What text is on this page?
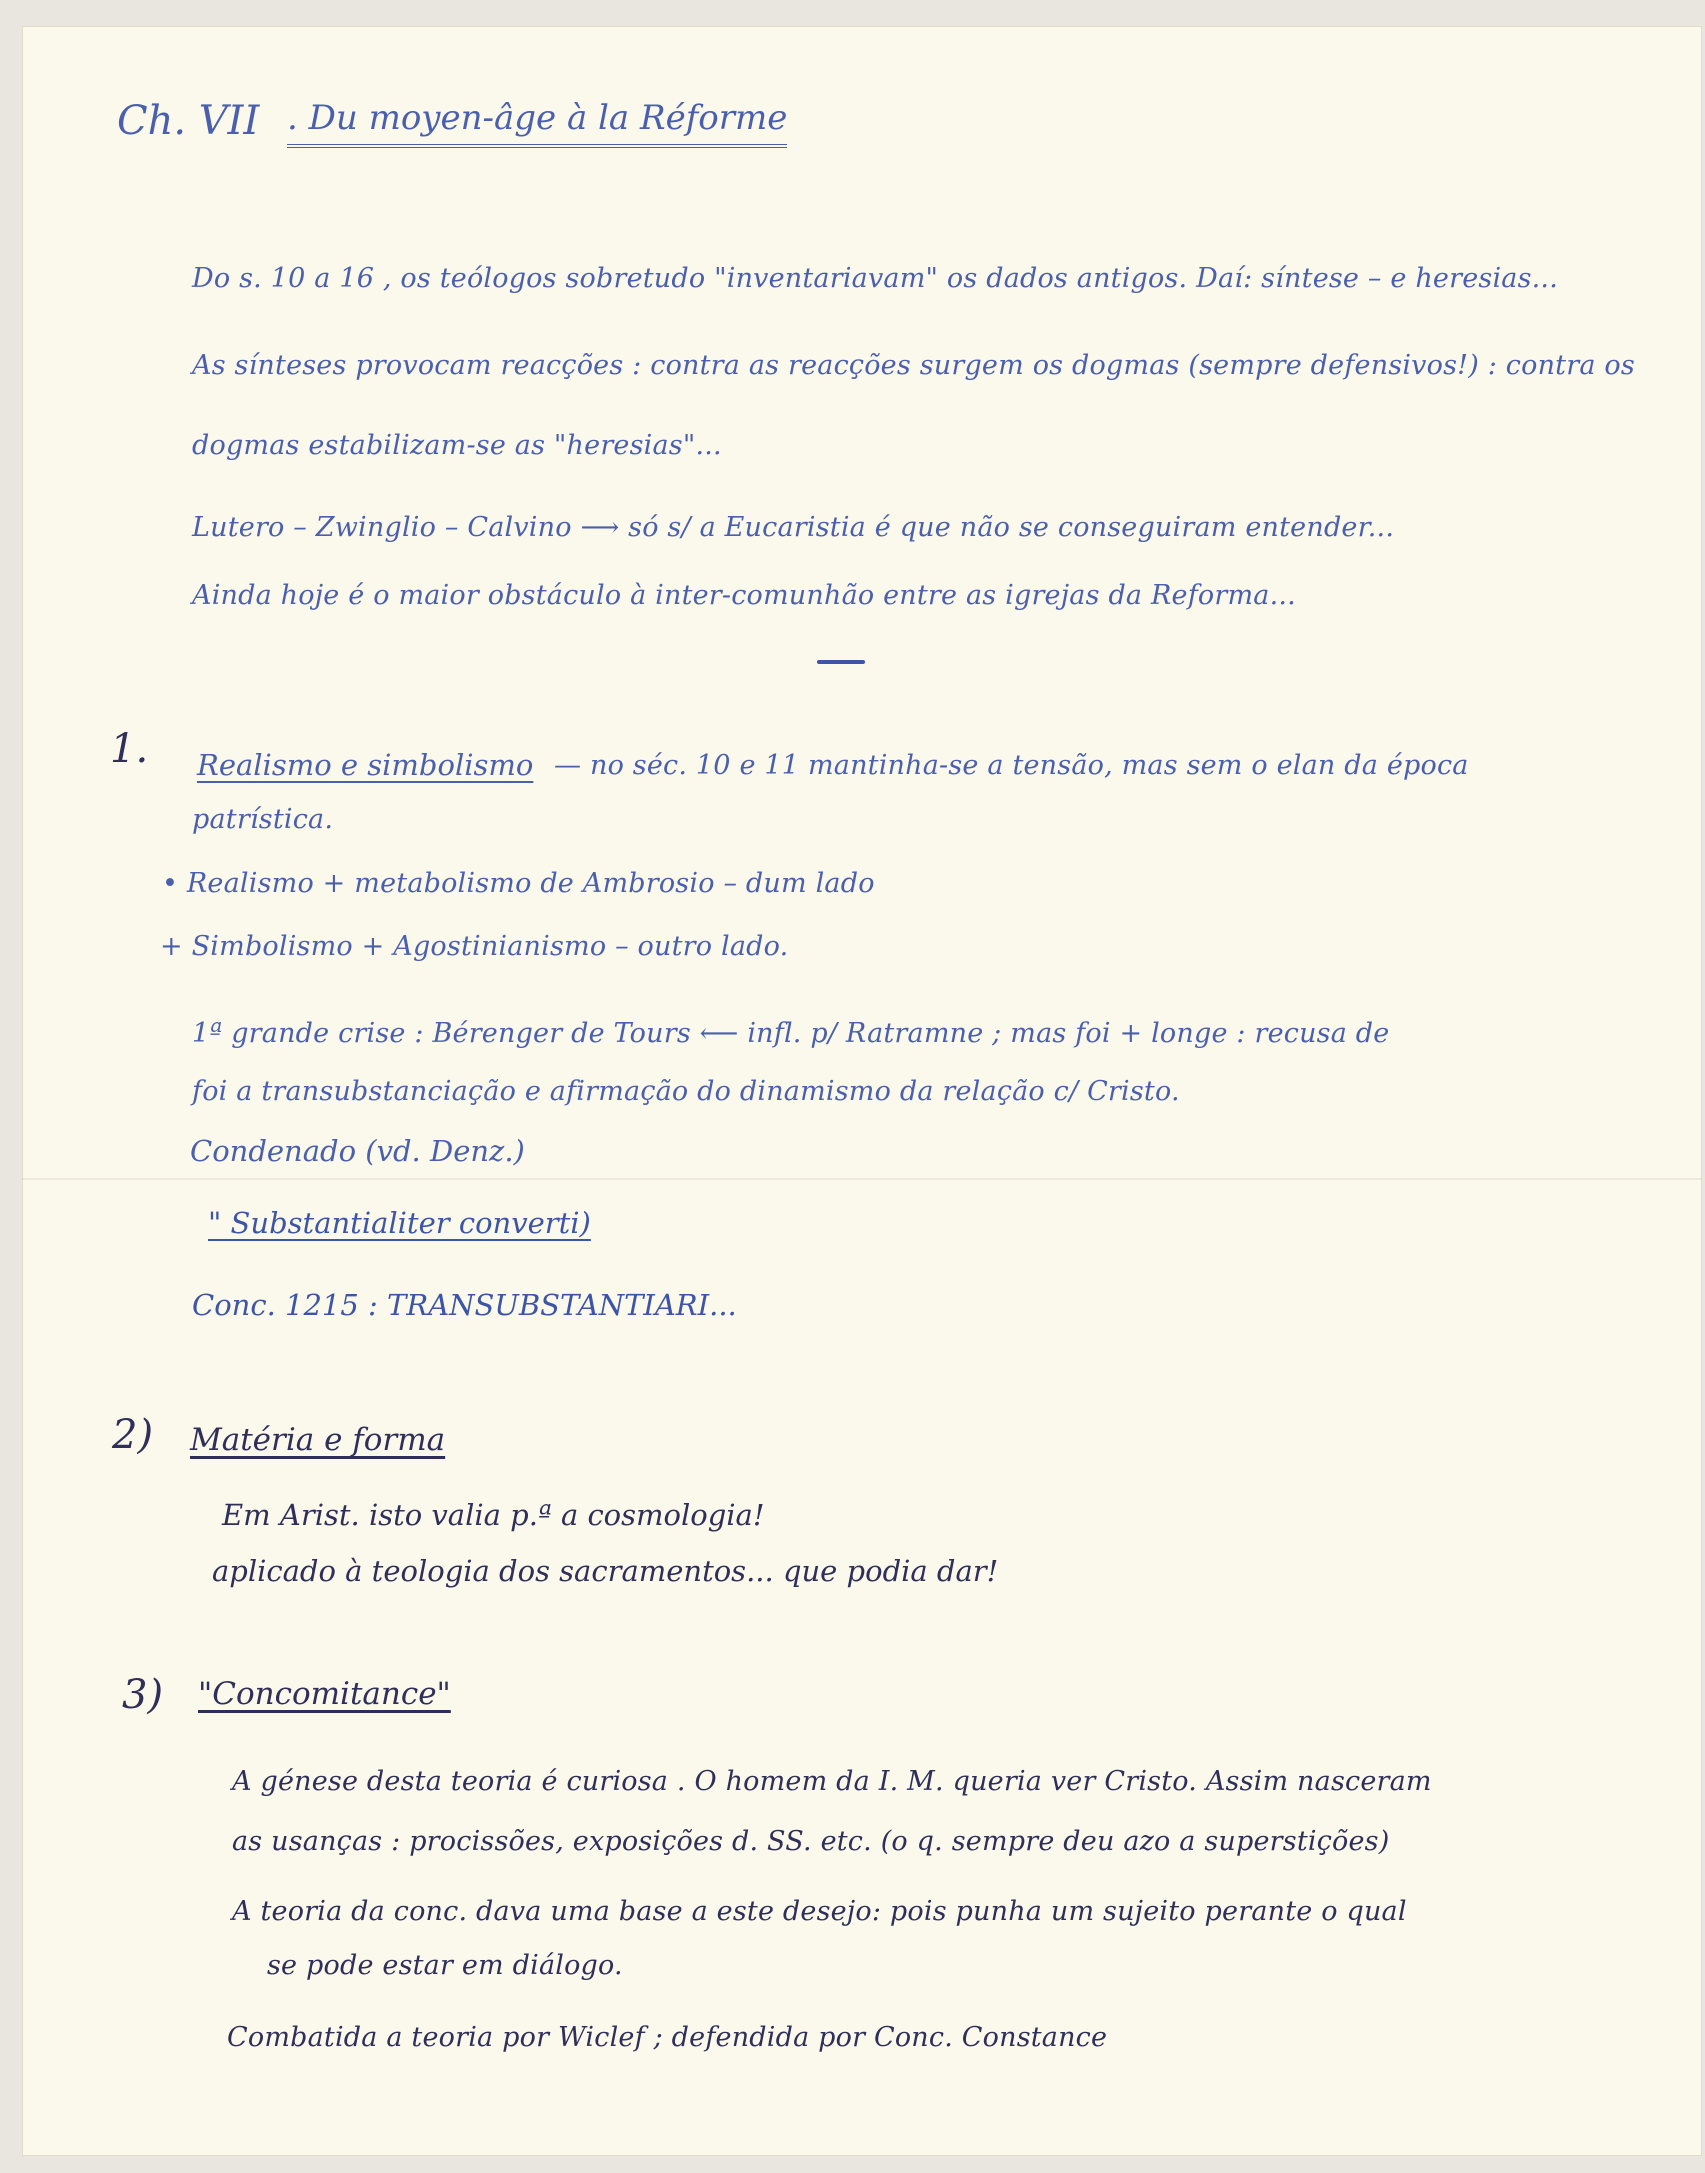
Ch. VII . Du moyen-âge à la Réforme
Do s. 10 a 16 , os teólogos sobretudo "inventariavam" os dados antigos. Daí: síntese – e heresias...
As sínteses provocam reacções : contra as reacções surgem os dogmas (sempre defensivos!) : contra os
dogmas estabilizam-se as "heresias"...
Lutero – Zwinglio – Calvino ⟶ só s/ a Eucaristia é que não se conseguiram entender...
Ainda hoje é o maior obstáculo à inter-comunhão entre as igrejas da Reforma...
1. Realismo e simbolismo — no séc. 10 e 11 mantinha-se a tensão, mas sem o elan da época
patrística.
• Realismo + metabolismo de Ambrosio – dum lado
+ Simbolismo + Agostinianismo – outro lado.
1ª grande crise : Bérenger de Tours ⟵ infl. p/ Ratramne ; mas foi + longe : recusa de
foi a transubstanciação e afirmação do dinamismo da relação c/ Cristo.
Condenado (vd. Denz.)
" Substantialiter converti)
Conc. 1215 : TRANSUBSTANTIARI...
2) Matéria e forma
Em Arist. isto valia p.ª a cosmologia!
aplicado à teologia dos sacramentos... que podia dar!
3) "Concomitance"
A génese desta teoria é curiosa . O homem da I. M. queria ver Cristo. Assim nasceram
as usanças : procissões, exposições d. SS. etc. (o q. sempre deu azo a superstições)
A teoria da conc. dava uma base a este desejo: pois punha um sujeito perante o qual
se pode estar em diálogo.
Combatida a teoria por Wiclef ; defendida por Conc. Constance
